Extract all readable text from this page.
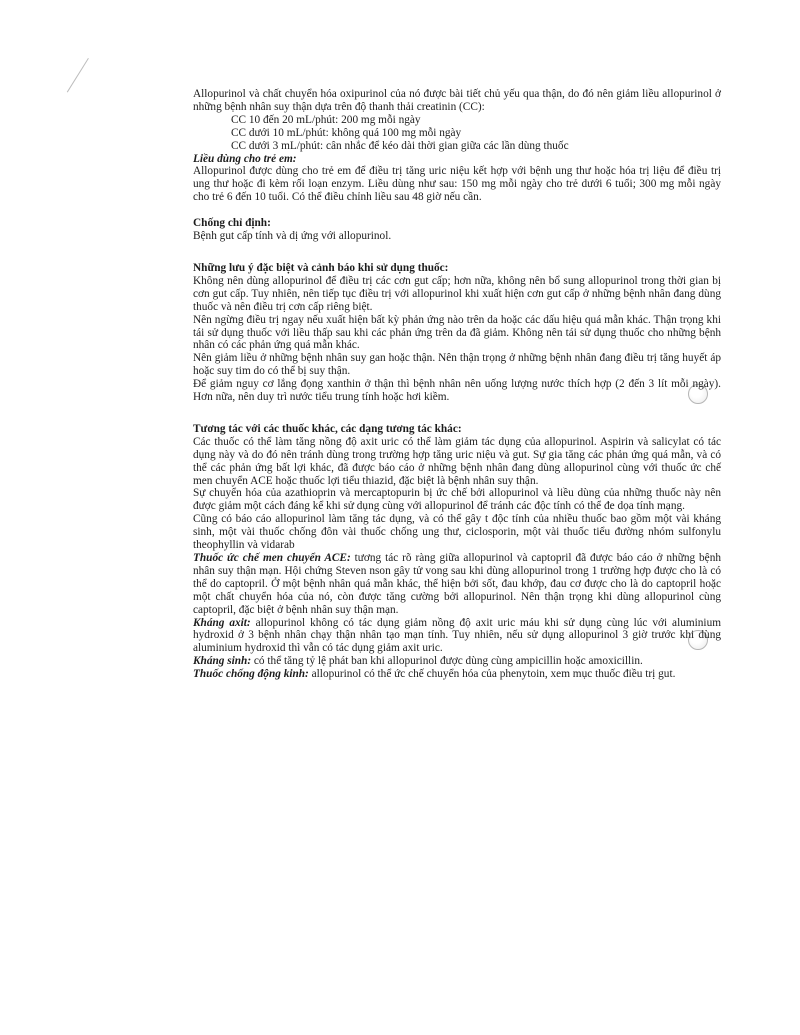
Allopurinol và chất chuyển hóa oxipurinol của nó được bài tiết chủ yếu qua thận, do đó nên giảm liều allopurinol ở những bệnh nhân suy thận dựa trên độ thanh thải creatinin (CC):

CC 10 đến 20 mL/phút: 200 mg mỗi ngày

CC dưới 10 mL/phút: không quá 100 mg mỗi ngày

CC dưới 3 mL/phút: cân nhắc để kéo dài thời gian giữa các lần dùng thuốc

Liều dùng cho trẻ em:

Allopurinol được dùng cho trẻ em để điều trị tăng uric niệu kết hợp với bệnh ung thư hoặc hóa trị liệu để điều trị ung thư hoặc đi kèm rối loạn enzym. Liều dùng như sau: 150 mg mỗi ngày cho trẻ dưới 6 tuổi; 300 mg mỗi ngày cho trẻ 6 đến 10 tuổi. Có thể điều chỉnh liều sau 48 giờ nếu cần.

Chống chỉ định:

Bệnh gut cấp tính và dị ứng với allopurinol.

Những lưu ý đặc biệt và cảnh báo khi sử dụng thuốc:

Không nên dùng allopurinol để điều trị các cơn gut cấp; hơn nữa, không nên bổ sung allopurinol trong thời gian bị cơn gut cấp. Tuy nhiên, nên tiếp tục điều trị với allopurinol khi xuất hiện cơn gut cấp ở những bệnh nhân đang dùng thuốc và nên điều trị cơn cấp riêng biệt.

Nên ngừng điều trị ngay nếu xuất hiện bất kỳ phản ứng nào trên da hoặc các dấu hiệu quá mẫn khác. Thận trọng khi tái sử dụng thuốc với liều thấp sau khi các phản ứng trên da đã giảm. Không nên tái sử dụng thuốc cho những bệnh nhân có các phản ứng quá mẫn khác.

Nên giảm liều ở những bệnh nhân suy gan hoặc thận. Nên thận trọng ở những bệnh nhân đang điều trị tăng huyết áp hoặc suy tim do có thể bị suy thận.

Để giảm nguy cơ lắng đọng xanthin ở thận thì bệnh nhân nên uống lượng nước thích hợp (2 đến 3 lít mỗi ngày). Hơn nữa, nên duy trì nước tiểu trung tính hoặc hơi kiềm.

Tương tác với các thuốc khác, các dạng tương tác khác:

Các thuốc có thể làm tăng nồng độ axit uric có thể làm giảm tác dụng của allopurinol. Aspirin và salicylat có tác dụng này và do đó nên tránh dùng trong trường hợp tăng uric niệu và gut. Sự gia tăng các phản ứng quá mẫn, và có thể các phản ứng bất lợi khác, đã được báo cáo ở những bệnh nhân đang dùng allopurinol cùng với thuốc ức chế men chuyển ACE hoặc thuốc lợi tiểu thiazid, đặc biệt là bệnh nhân suy thận.

Sự chuyển hóa của azathioprin và mercaptopurin bị ức chế bởi allopurinol và liều dùng của những thuốc này nên được giảm một cách đáng kể khi sử dụng cùng với allopurinol để tránh các độc tính có thể đe dọa tính mạng.

Cũng có báo cáo allopurinol làm tăng tác dụng, và có thể gây t độc tính của nhiều thuốc bao gồm một vài kháng sinh, một vài thuốc chống đôn vài thuốc chống ung thư, ciclosporin, một vài thuốc tiểu đường nhóm sulfonylu theophyllin và vidarab

Thuốc ức chế men chuyển ACE: tương tác rõ ràng giữa allopurinol và captopril đã được báo cáo ở những bệnh nhân suy thận mạn. Hội chứng Steven nson gây tử vong sau khi dùng allopurinol trong 1 trường hợp được cho là có thể do captopril. Ở một bệnh nhân quá mẫn khác, thể hiện bởi sốt, đau khớp, đau cơ được cho là do captopril hoặc một chất chuyển hóa của nó, còn được tăng cường bởi allopurinol. Nên thận trọng khi dùng allopurinol cùng captopril, đặc biệt ở bệnh nhân suy thận mạn.

Kháng axit: allopurinol không có tác dụng giảm nồng độ axit uric máu khi sử dụng cùng lúc với aluminium hydroxid ở 3 bệnh nhân chạy thận nhân tạo mạn tính. Tuy nhiên, nếu sử dụng allopurinol 3 giờ trước khi dùng aluminium hydroxid thì vẫn có tác dụng giảm axit uric.

Kháng sinh: có thể tăng tỷ lệ phát ban khi allopurinol được dùng cùng ampicillin hoặc amoxicillin.

Thuốc chống động kinh: allopurinol có thể ức chế chuyển hóa của phenytoin, xem mục thuốc điều trị gut.
